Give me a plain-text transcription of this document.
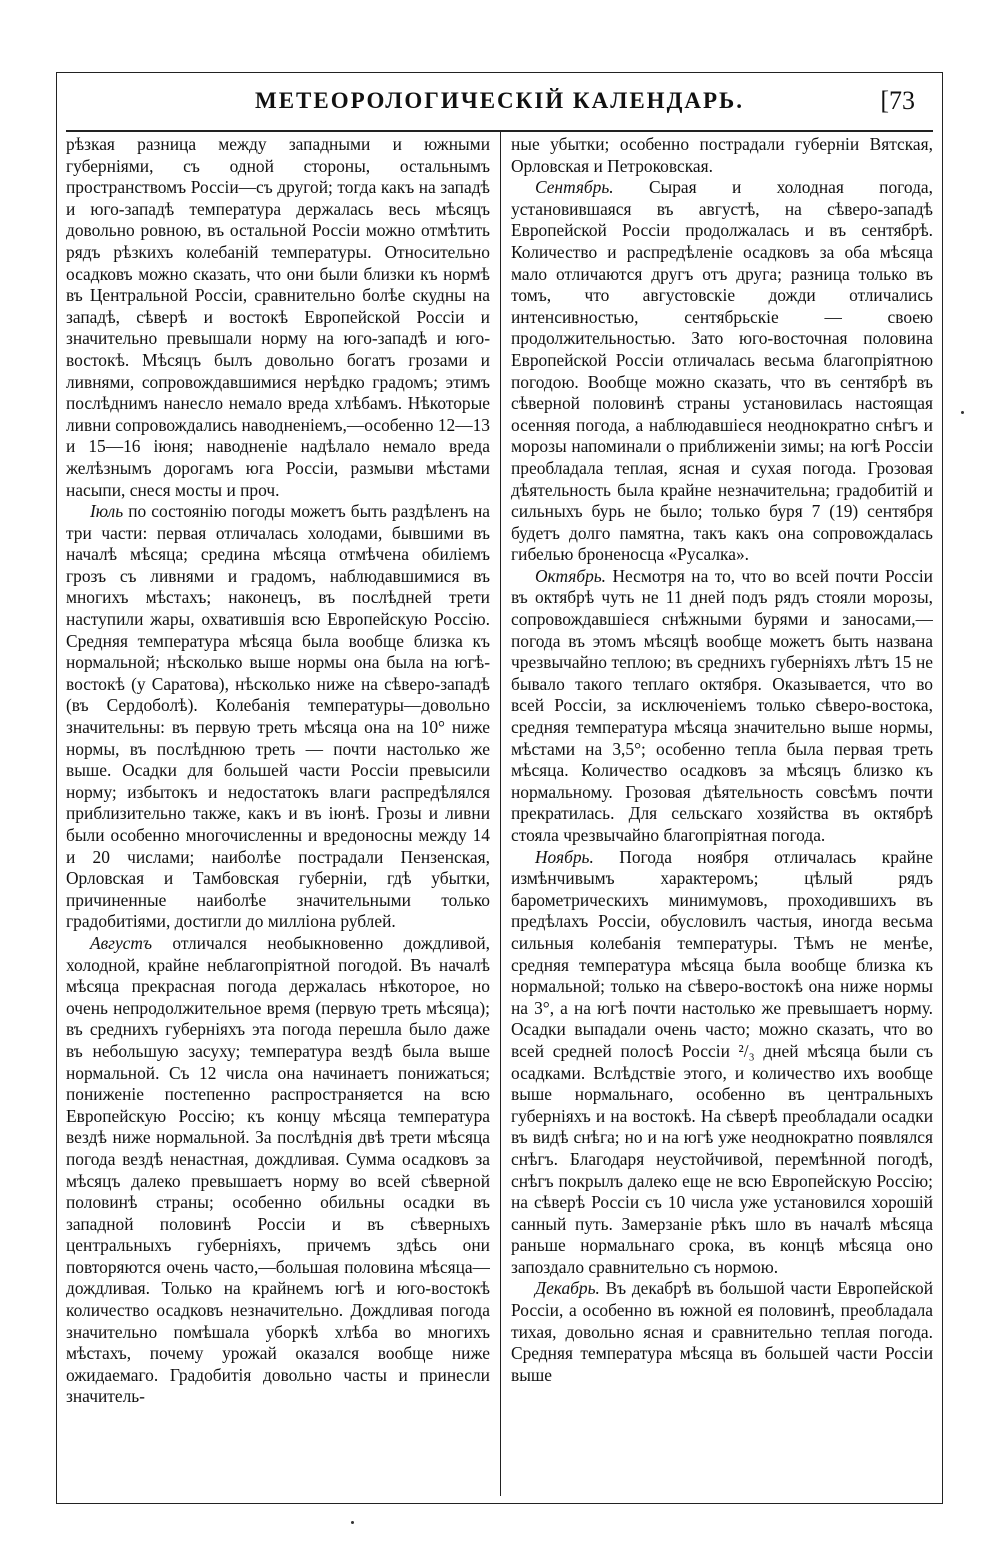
МЕТЕОРОЛОГИЧЕСКІЙ КАЛЕНДАРЬ.	[73

рѣзкая разница между западными и южными губерніями, съ одной стороны, остальнымъ пространствомъ Россіи—съ другой; тогда какъ на западѣ и юго-западѣ температура держалась весь мѣсяцъ довольно ровною, въ остальной Россіи можно отмѣтить рядъ рѣзкихъ колебаній температуры. Относительно осадковъ можно сказать, что они были близки къ нормѣ въ Центральной Россіи, сравнительно болѣе скудны на западѣ, сѣверѣ и востокѣ Европейской Россіи и значительно превышали норму на юго-западѣ и юго-востокѣ. Мѣсяцъ былъ довольно богатъ грозами и ливнями, сопровождавшимися нерѣдко градомъ; этимъ послѣднимъ нанесло немало вреда хлѣбамъ. Нѣкоторые ливни сопровождались наводненіемъ,—особенно 12—13 и 15—16 іюня; наводненіе надѣлало немало вреда желѣзнымъ дорогамъ юга Россіи, размыви мѣстами насыпи, снеся мосты и проч.

Іюль по состоянію погоды можетъ быть раздѣленъ на три части: первая отличалась холодами, бывшими въ началѣ мѣсяца; средина мѣсяца отмѣчена обиліемъ грозъ съ ливнями и градомъ, наблюдавшимися въ многихъ мѣстахъ; наконецъ, въ послѣдней трети наступили жары, охватившія всю Европейскую Россію. Средняя температура мѣсяца была вообще близка къ нормальной; нѣсколько выше нормы она была на югѣ-востокѣ (у Саратова), нѣсколько ниже на сѣверо-западѣ (въ Сердоболѣ). Колебанія температуры—довольно значительны: въ первую треть мѣсяца она на 10° ниже нормы, въ послѣднюю треть — почти настолько же выше. Осадки для большей части Россіи превысили норму; избытокъ и недостатокъ влаги распредѣлялся приблизительно также, какъ и въ іюнѣ. Грозы и ливни были особенно многочисленны и вредоносны между 14 и 20 числами; наиболѣе пострадали Пензенская, Орловская и Тамбовская губерніи, гдѣ убытки, причиненные наиболѣе значительными только градобитіями, достигли до милліона рублей.

Августъ отличался необыкновенно дождливой, холодной, крайне неблагопріятной погодой. Въ началѣ мѣсяца прекрасная погода держалась нѣкоторое, но очень непродолжительное время (первую треть мѣсяца); въ среднихъ губерніяхъ эта погода перешла было даже въ небольшую засуху; температура вездѣ была выше нормальной. Съ 12 числа она начинаетъ понижаться; пониженіе постепенно распространяется на всю Европейскую Россію; къ концу мѣсяца температура вездѣ ниже нормальной. За послѣднія двѣ трети мѣсяца погода вездѣ ненастная, дождливая. Сумма осадковъ за мѣсяцъ далеко превышаетъ норму во всей сѣверной половинѣ страны; особенно обильны осадки въ западной половинѣ Россіи и въ сѣверныхъ центральныхъ губерніяхъ, причемъ здѣсь они повторяются очень часто,—большая половина мѣсяца—дождливая. Только на крайнемъ югѣ и юго-востокѣ количество осадковъ незначительно. Дождливая погода значительно помѣшала уборкѣ хлѣба во многихъ мѣстахъ, почему урожай оказался вообще ниже ожидаемаго. Градобитія довольно часты и принесли значитель-

ные убытки; особенно пострадали губерніи Вятская, Орловская и Петроковская.

Сентябрь. Сырая и холодная погода, установившаяся въ августѣ, на сѣверо-западѣ Европейской Россіи продолжалась и въ сентябрѣ. Количество и распредѣленіе осадковъ за оба мѣсяца мало отличаются другъ отъ друга; разница только въ томъ, что августовскіе дожди отличались интенсивностью, сентябрьскіе — своею продолжительностью. Зато юго-восточная половина Европейской Россіи отличалась весьма благопріятною погодою. Вообще можно сказать, что въ сентябрѣ въ сѣверной половинѣ страны установилась настоящая осенняя погода, а наблюдавшіеся неоднократно снѣгъ и морозы напоминали о приближеніи зимы; на югѣ Россіи преобладала теплая, ясная и сухая погода. Грозовая дѣятельность была крайне незначительна; градобитій и сильныхъ бурь не было; только буря 7 (19) сентября будетъ долго памятна, такъ какъ она сопровождалась гибелью броненосца «Русалка».

Октябрь. Несмотря на то, что во всей почти Россіи въ октябрѣ чуть не 11 дней подъ рядъ стояли морозы, сопровождавшіеся снѣжными бурями и заносами,—погода въ этомъ мѣсяцѣ вообще можетъ быть названа чрезвычайно теплою; въ среднихъ губерніяхъ лѣтъ 15 не бывало такого теплаго октября. Оказывается, что во всей Россіи, за исключеніемъ только сѣверо-востока, средняя температура мѣсяца значительно выше нормы, мѣстами на 3,5°; особенно тепла была первая треть мѣсяца. Количество осадковъ за мѣсяцъ близко къ нормальному. Грозовая дѣятельность совсѣмъ почти прекратилась. Для сельскаго хозяйства въ октябрѣ стояла чрезвычайно благопріятная погода.

Ноябрь. Погода ноября отличалась крайне измѣнчивымъ характеромъ; цѣлый рядъ барометрическихъ минимумовъ, проходившихъ въ предѣлахъ Россіи, обусловилъ частыя, иногда весьма сильныя колебанія температуры. Тѣмъ не менѣе, средняя температура мѣсяца была вообще близка къ нормальной; только на сѣверо-востокѣ она ниже нормы на 3°, а на югѣ почти настолько же превышаетъ норму. Осадки выпадали очень часто; можно сказать, что во всей средней полосѣ Россіи ²/₃ дней мѣсяца были съ осадками. Вслѣдствіе этого, и количество ихъ вообще выше нормальнаго, особенно въ центральныхъ губерніяхъ и на востокѣ. На сѣверѣ преобладали осадки въ видѣ снѣга; но и на югѣ уже неоднократно появлялся снѣгъ. Благодаря неустойчивой, перемѣнной погодѣ, снѣгъ покрылъ далеко еще не всю Европейскую Россію; на сѣверѣ Россіи съ 10 числа уже установился хорошій санный путь. Замерзаніе рѣкъ шло въ началѣ мѣсяца раньше нормальнаго срока, въ концѣ мѣсяца оно запоздало сравнительно съ нормою.

Декабрь. Въ декабрѣ въ большой части Европейской Россіи, а особенно въ южной ея половинѣ, преобладала тихая, довольно ясная и сравнительно теплая погода. Средняя температура мѣсяца въ большей части Россіи выше
